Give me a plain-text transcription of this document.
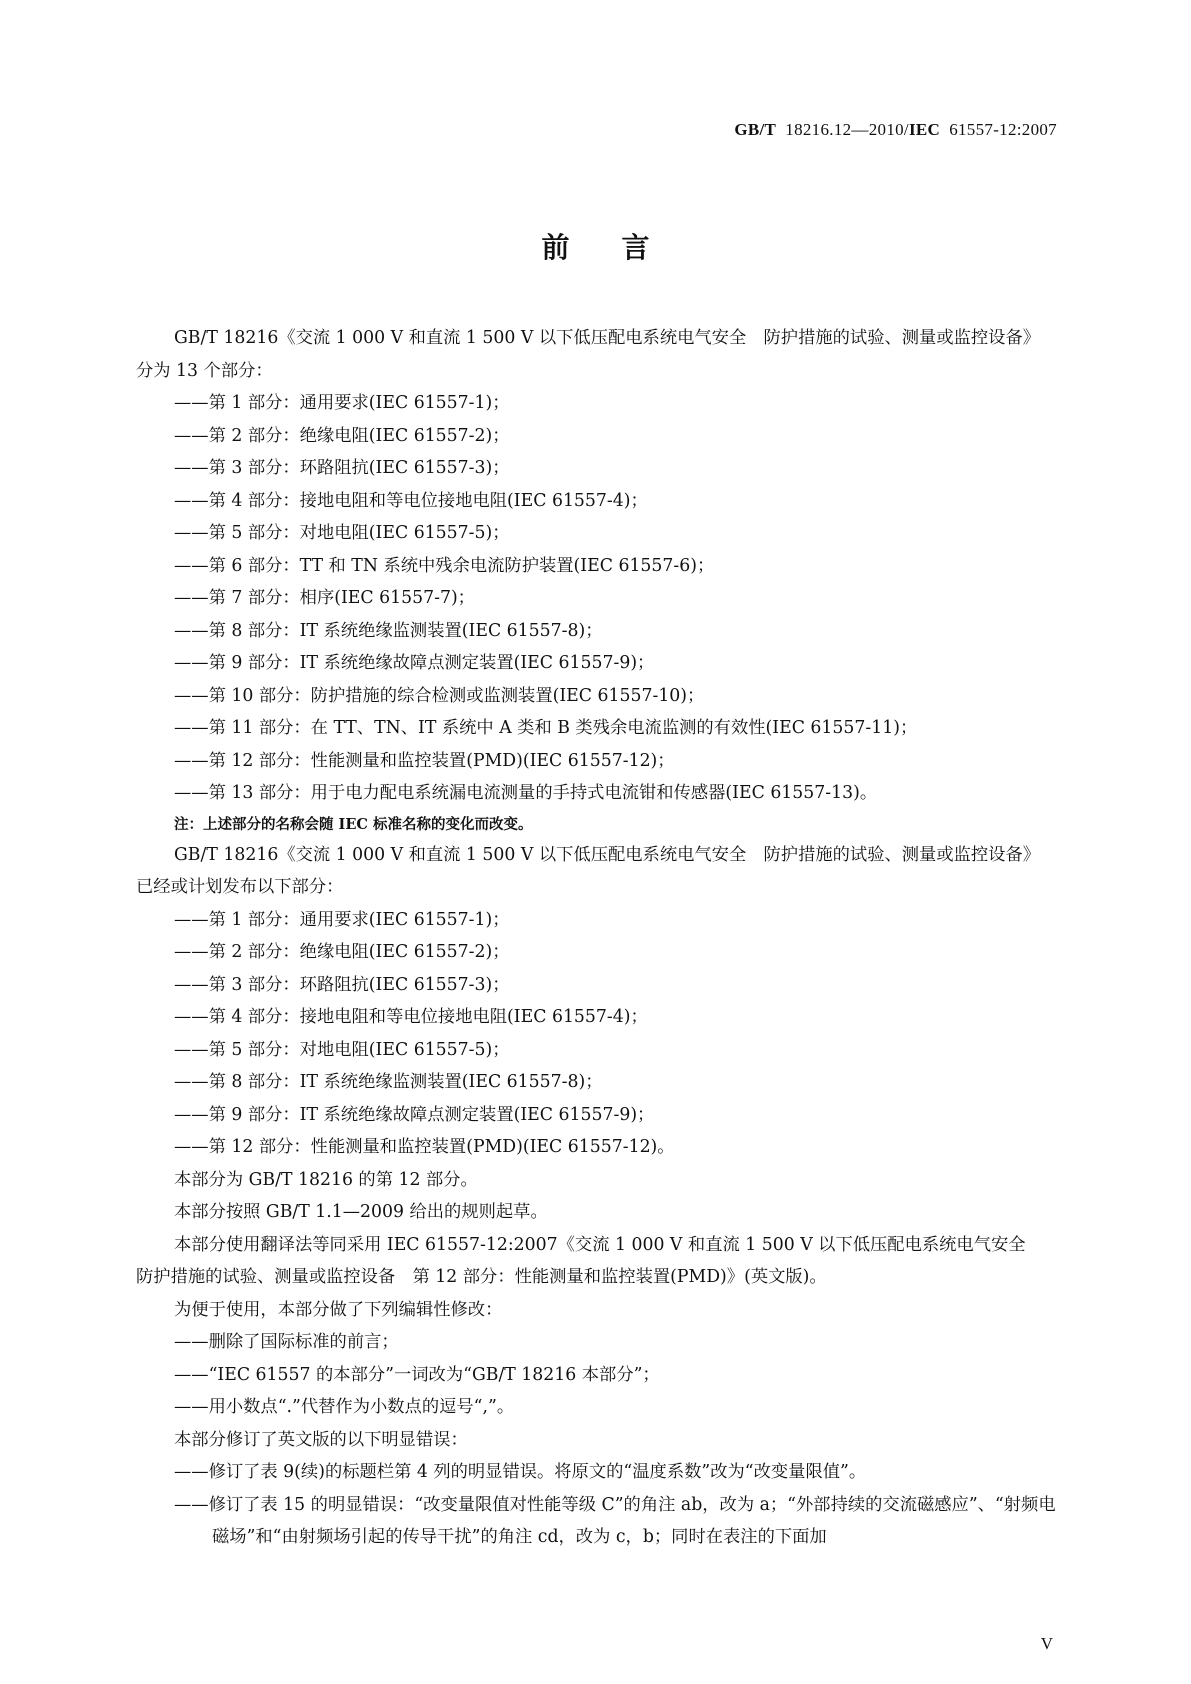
GB/T 18216.12—2010/IEC 61557-12:2007
前言

GB/T 18216《交流 1 000 V 和直流 1 500 V 以下低压配电系统电气安全　防护措施的试验、测量或监控设备》分为 13 个部分：

——第 1 部分：通用要求(IEC 61557-1)；

——第 2 部分：绝缘电阻(IEC 61557-2)；

——第 3 部分：环路阻抗(IEC 61557-3)；

——第 4 部分：接地电阻和等电位接地电阻(IEC 61557-4)；

——第 5 部分：对地电阻(IEC 61557-5)；

——第 6 部分：TT 和 TN 系统中残余电流防护装置(IEC 61557-6)；

——第 7 部分：相序(IEC 61557-7)；

——第 8 部分：IT 系统绝缘监测装置(IEC 61557-8)；

——第 9 部分：IT 系统绝缘故障点测定装置(IEC 61557-9)；

——第 10 部分：防护措施的综合检测或监测装置(IEC 61557-10)；

——第 11 部分：在 TT、TN、IT 系统中 A 类和 B 类残余电流监测的有效性(IEC 61557-11)；

——第 12 部分：性能测量和监控装置(PMD)(IEC 61557-12)；

——第 13 部分：用于电力配电系统漏电流测量的手持式电流钳和传感器(IEC 61557-13)。

注：上述部分的名称会随 IEC 标准名称的变化而改变。

GB/T 18216《交流 1 000 V 和直流 1 500 V 以下低压配电系统电气安全　防护措施的试验、测量或监控设备》已经或计划发布以下部分：

——第 1 部分：通用要求(IEC 61557-1)；

——第 2 部分：绝缘电阻(IEC 61557-2)；

——第 3 部分：环路阻抗(IEC 61557-3)；

——第 4 部分：接地电阻和等电位接地电阻(IEC 61557-4)；

——第 5 部分：对地电阻(IEC 61557-5)；

——第 8 部分：IT 系统绝缘监测装置(IEC 61557-8)；

——第 9 部分：IT 系统绝缘故障点测定装置(IEC 61557-9)；

——第 12 部分：性能测量和监控装置(PMD)(IEC 61557-12)。

本部分为 GB/T 18216 的第 12 部分。

本部分按照 GB/T 1.1—2009 给出的规则起草。

本部分使用翻译法等同采用 IEC 61557-12:2007《交流 1 000 V 和直流 1 500 V 以下低压配电系统电气安全　防护措施的试验、测量或监控设备　第 12 部分：性能测量和监控装置(PMD)》(英文版)。

为便于使用，本部分做了下列编辑性修改：

——删除了国际标准的前言；

——“IEC 61557 的本部分”一词改为“GB/T 18216 本部分”；

——用小数点“.”代替作为小数点的逗号“,”。

本部分修订了英文版的以下明显错误：

——修订了表 9(续)的标题栏第 4 列的明显错误。将原文的“温度系数”改为“改变量限值”。

——修订了表 15 的明显错误：“改变量限值对性能等级 C”的角注 ab，改为 a；“外部持续的交流磁感应”、“射频电磁场”和“由射频场引起的传导干扰”的角注 cd，改为 c，b；同时在表注的下面加

V
